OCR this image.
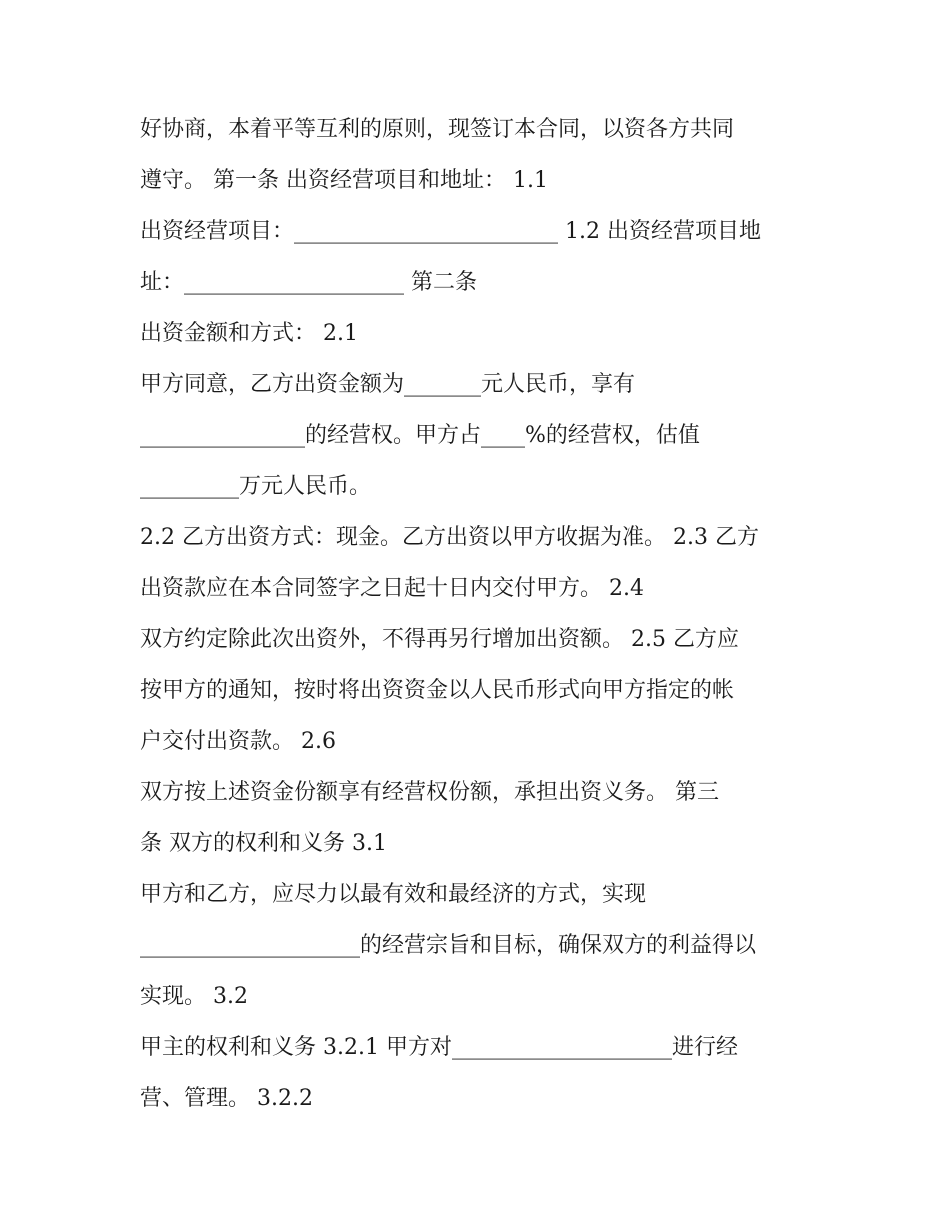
好协商，本着平等互利的原则，现签订本合同，以资各方共同
遵守。 第一条 出资经营项目和地址： 1.1
出资经营项目：________________________ 1.2 出资经营项目地
址：____________________ 第二条
出资金额和方式： 2.1
甲方同意，乙方出资金额为_______元人民币，享有
_______________的经营权。甲方占____%的经营权，估值
_________万元人民币。
2.2 乙方出资方式：现金。乙方出资以甲方收据为准。 2.3 乙方
出资款应在本合同签字之日起十日内交付甲方。 2.4
双方约定除此次出资外，不得再另行增加出资额。 2.5 乙方应
按甲方的通知，按时将出资资金以人民币形式向甲方指定的帐
户交付出资款。 2.6
双方按上述资金份额享有经营权份额，承担出资义务。 第三
条 双方的权利和义务 3.1
甲方和乙方，应尽力以最有效和最经济的方式，实现
____________________的经营宗旨和目标，确保双方的利益得以
实现。 3.2
甲主的权利和义务 3.2.1 甲方对____________________进行经
营、管理。 3.2.2
